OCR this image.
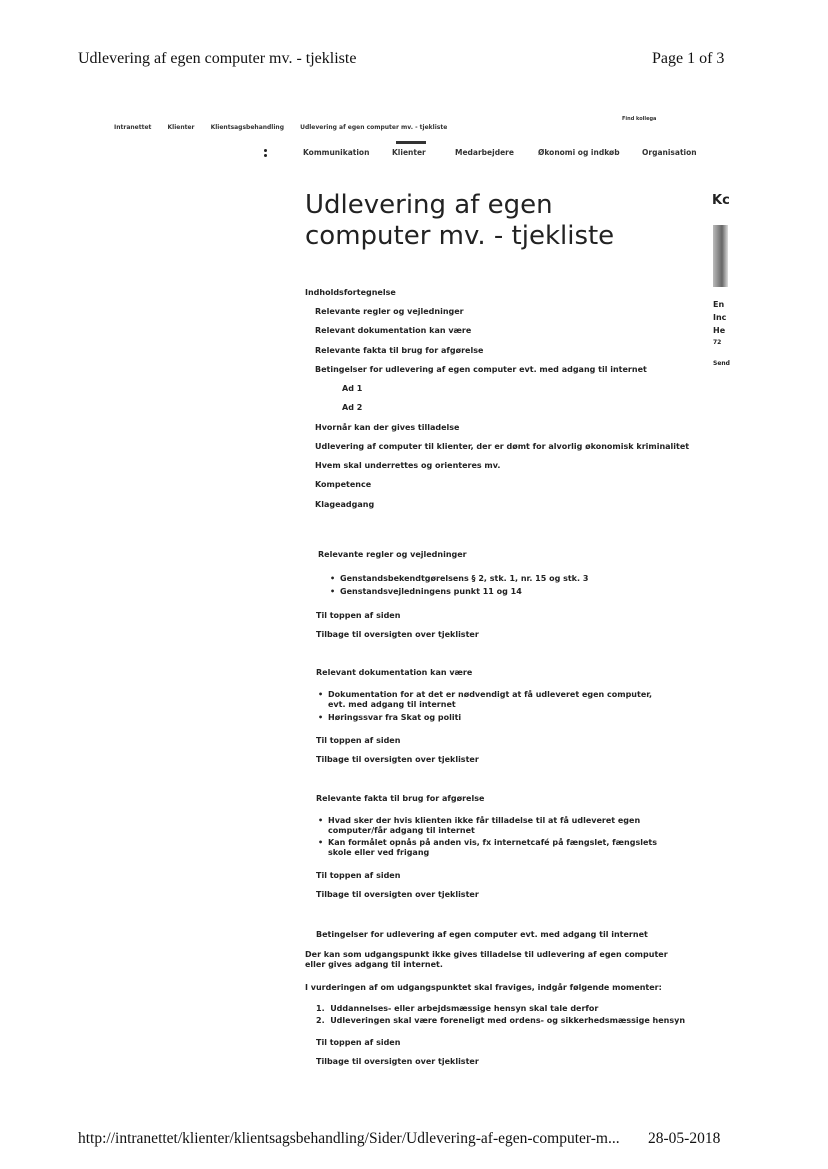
Udlevering af egen computer mv. - tjekliste	Page 1 of 3
Intranettet	Klienter	Klientsagsbehandling	Udlevering af egen computer mv. - tjekliste
Find kollega
Kommunikation	Klienter	Medarbejdere	Økonomi og indkøb	Organisation
Udlevering af egen computer mv. - tjekliste
Kc
En
Inc
He
72
Send
Indholdsfortegnelse
Relevante regler og vejledninger
Relevant dokumentation kan være
Relevante fakta til brug for afgørelse
Betingelser for udlevering af egen computer evt. med adgang til internet
Ad 1
Ad 2
Hvornår kan der gives tilladelse
Udlevering af computer til klienter, der er dømt for alvorlig økonomisk kriminalitet
Hvem skal underrettes og orienteres mv.
Kompetence
Klageadgang
Relevante regler og vejledninger
• Genstandsbekendtgørelsens § 2, stk. 1, nr. 15 og stk. 3
• Genstandsvejledningens punkt 11 og 14
Til toppen af siden
Tilbage til oversigten over tjeklister
Relevant dokumentation kan være
• Dokumentation for at det er nødvendigt at få udleveret egen computer, evt. med adgang til internet
• Høringssvar fra Skat og politi
Til toppen af siden
Tilbage til oversigten over tjeklister
Relevante fakta til brug for afgørelse
• Hvad sker der hvis klienten ikke får tilladelse til at få udleveret egen computer/får adgang til internet
• Kan formålet opnås på anden vis, fx internetcafé på fængslet, fængslets skole eller ved frigang
Til toppen af siden
Tilbage til oversigten over tjeklister
Betingelser for udlevering af egen computer evt. med adgang til internet
Der kan som udgangspunkt ikke gives tilladelse til udlevering af egen computer eller gives adgang til internet.
I vurderingen af om udgangspunktet skal fraviges, indgår følgende momenter:
1.  Uddannelses- eller arbejdsmæssige hensyn skal tale derfor
2.  Udleveringen skal være foreneligt med ordens- og sikkerhedsmæssige hensyn
Til toppen af siden
Tilbage til oversigten over tjeklister
http://intranettet/klienter/klientsagsbehandling/Sider/Udlevering-af-egen-computer-m... 28-05-2018
